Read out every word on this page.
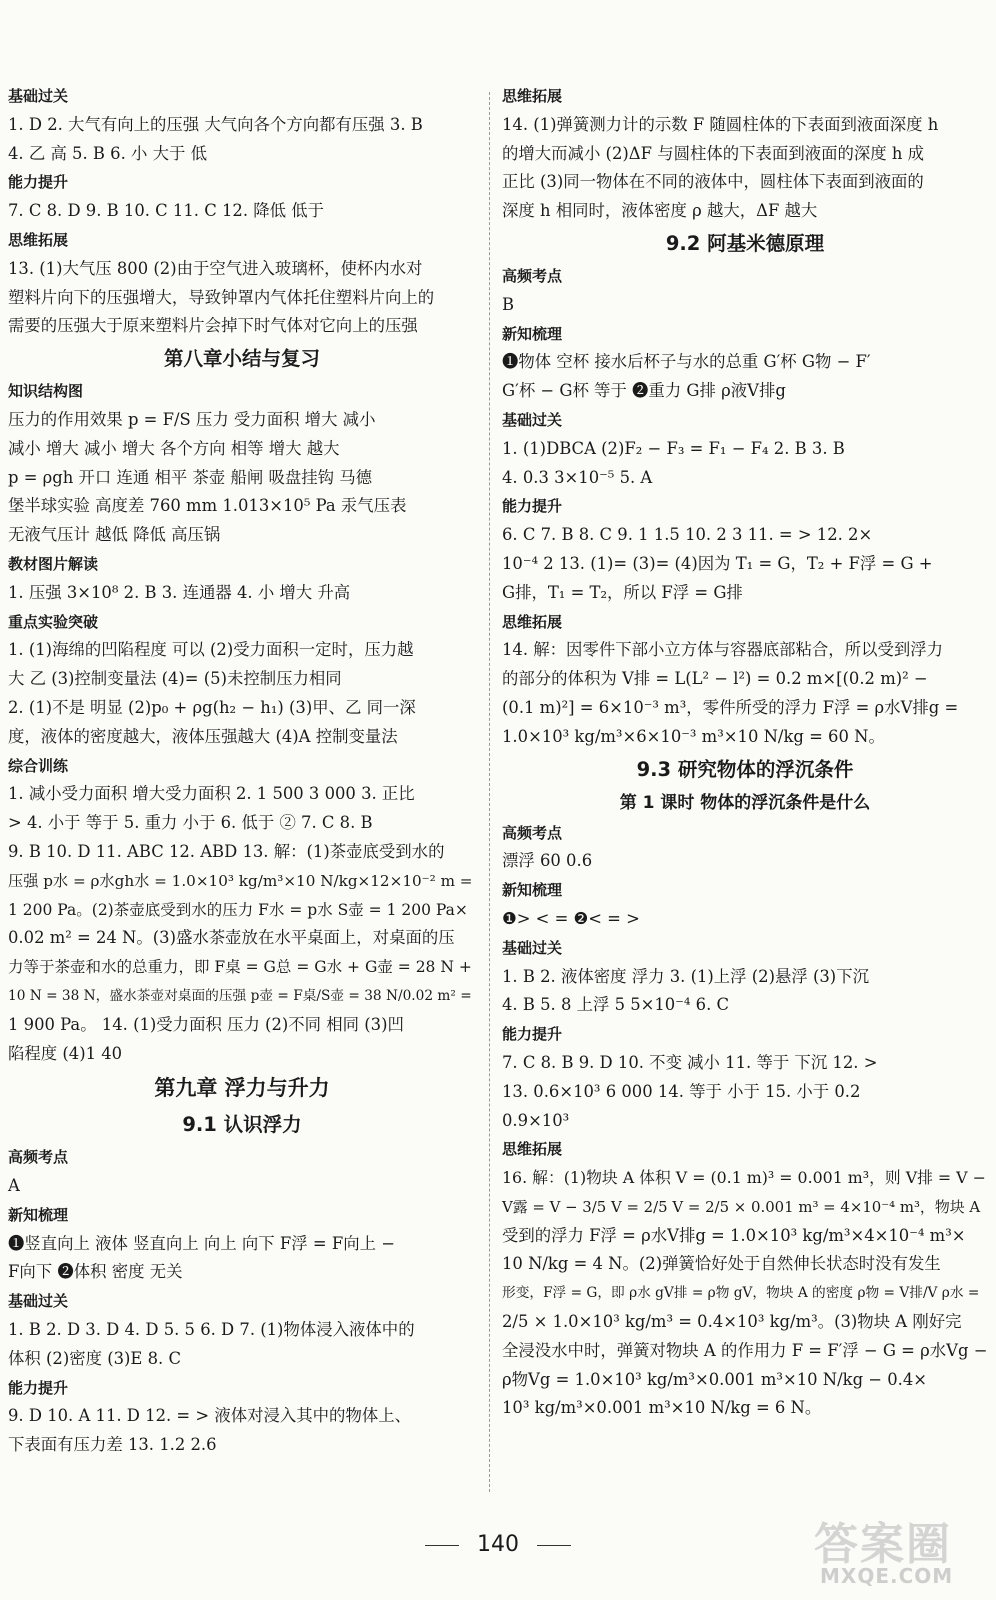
基础过关
1. D 2. 大气有向上的压强 大气向各个方向都有压强 3. B
4. 乙 高 5. B 6. 小 大于 低
能力提升
7. C 8. D 9. B 10. C 11. C 12. 降低 低于
思维拓展
13. (1)大气压 800 (2)由于空气进入玻璃杯，使杯内水对
塑料片向下的压强增大，导致钟罩内气体托住塑料片向上的
需要的压强大于原来塑料片会掉下时气体对它向上的压强
第八章小结与复习
知识结构图
压力的作用效果 p = F/S 压力 受力面积 增大 减小
减小 增大 减小 增大 各个方向 相等 增大 越大
p = ρgh 开口 连通 相平 茶壶 船闸 吸盘挂钩 马德
堡半球实验 高度差 760 mm 1.013×10⁵ Pa 汞气压表
无液气压计 越低 降低 高压锅
教材图片解读
1. 压强 3×10⁸ 2. B 3. 连通器 4. 小 增大 升高
重点实验突破
1. (1)海绵的凹陷程度 可以 (2)受力面积一定时，压力越
大 乙 (3)控制变量法 (4)= (5)未控制压力相同
2. (1)不是 明显 (2)p₀ + ρg(h₂ − h₁) (3)甲、乙 同一深
度，液体的密度越大，液体压强越大 (4)A 控制变量法
综合训练
1. 减小受力面积 增大受力面积 2. 1 500 3 000 3. 正比
> 4. 小于 等于 5. 重力 小于 6. 低于 ② 7. C 8. B
9. B 10. D 11. ABC 12. ABD 13. 解：(1)茶壶底受到水的
压强 p水 = ρ水gh水 = 1.0×10³ kg/m³×10 N/kg×12×10⁻² m =
1 200 Pa。(2)茶壶底受到水的压力 F水 = p水 S壶 = 1 200 Pa×
0.02 m² = 24 N。(3)盛水茶壶放在水平桌面上，对桌面的压
力等于茶壶和水的总重力，即 F桌 = G总 = G水 + G壶 = 28 N +
10 N = 38 N，盛水茶壶对桌面的压强 p壶 = F桌/S壶 = 38 N/0.02 m² =
1 900 Pa。 14. (1)受力面积 压力 (2)不同 相同 (3)凹
陷程度 (4)1 40
第九章 浮力与升力
9.1 认识浮力
高频考点
A
新知梳理
❶竖直向上 液体 竖直向上 向上 向下 F浮 = F向上 −
F向下 ❷体积 密度 无关
基础过关
1. B 2. D 3. D 4. D 5. 5 6. D 7. (1)物体浸入液体中的
体积 (2)密度 (3)E 8. C
能力提升
9. D 10. A 11. D 12. = > 液体对浸入其中的物体上、
下表面有压力差 13. 1.2 2.6
思维拓展
14. (1)弹簧测力计的示数 F 随圆柱体的下表面到液面深度 h
的增大而减小 (2)ΔF 与圆柱体的下表面到液面的深度 h 成
正比 (3)同一物体在不同的液体中，圆柱体下表面到液面的
深度 h 相同时，液体密度 ρ 越大，ΔF 越大
9.2 阿基米德原理
高频考点
B
新知梳理
❶物体 空杯 接水后杯子与水的总重 G′杯 G物 − F′
G′杯 − G杯 等于 ❷重力 G排 ρ液V排g
基础过关
1. (1)DBCA (2)F₂ − F₃ = F₁ − F₄ 2. B 3. B
4. 0.3 3×10⁻⁵ 5. A
能力提升
6. C 7. B 8. C 9. 1 1.5 10. 2 3 11. = > 12. 2×
10⁻⁴ 2 13. (1)= (3)= (4)因为 T₁ = G，T₂ + F浮 = G +
G排，T₁ = T₂，所以 F浮 = G排
思维拓展
14. 解：因零件下部小立方体与容器底部粘合，所以受到浮力
的部分的体积为 V排 = L(L² − l²) = 0.2 m×[(0.2 m)² −
(0.1 m)²] = 6×10⁻³ m³，零件所受的浮力 F浮 = ρ水V排g =
1.0×10³ kg/m³×6×10⁻³ m³×10 N/kg = 60 N。
9.3 研究物体的浮沉条件
第 1 课时 物体的浮沉条件是什么
高频考点
漂浮 60 0.6
新知梳理
❶> < = ❷< = >
基础过关
1. B 2. 液体密度 浮力 3. (1)上浮 (2)悬浮 (3)下沉
4. B 5. 8 上浮 5 5×10⁻⁴ 6. C
能力提升
7. C 8. B 9. D 10. 不变 减小 11. 等于 下沉 12. >
13. 0.6×10³ 6 000 14. 等于 小于 15. 小于 0.2
0.9×10³
思维拓展
16. 解：(1)物块 A 体积 V = (0.1 m)³ = 0.001 m³，则 V排 = V −
V露 = V − 3/5 V = 2/5 V = 2/5 × 0.001 m³ = 4×10⁻⁴ m³，物块 A
受到的浮力 F浮 = ρ水V排g = 1.0×10³ kg/m³×4×10⁻⁴ m³×
10 N/kg = 4 N。(2)弹簧恰好处于自然伸长状态时没有发生
形变，F浮 = G，即 ρ水 gV排 = ρ物 gV，物块 A 的密度 ρ物 = V排/V ρ水 =
2/5 × 1.0×10³ kg/m³ = 0.4×10³ kg/m³。(3)物块 A 刚好完
全浸没水中时，弹簧对物块 A 的作用力 F = F′浮 − G = ρ水Vg −
ρ物Vg = 1.0×10³ kg/m³×0.001 m³×10 N/kg − 0.4×
10³ kg/m³×0.001 m³×10 N/kg = 6 N。
140	答案圈
MXQE.COM
